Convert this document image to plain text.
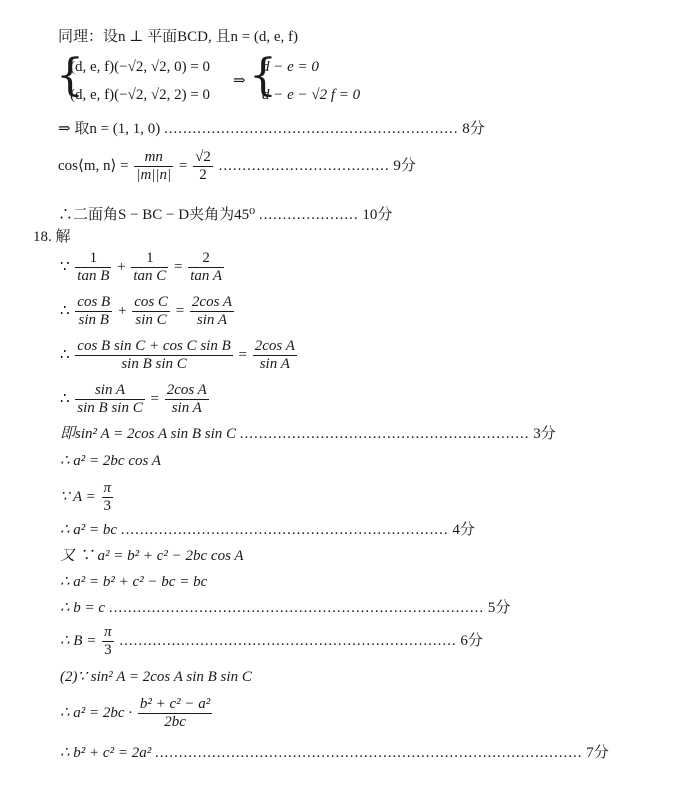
同理：设n ⊥ 平面BCD, 且n = (d, e, f)
{
(d, e, f)(−√2, √2, 0) = 0
(d, e, f)(−√2, √2, 2) = 0
⇒ {
d − e = 0
d − e − √2 f = 0
⇒ 取n = (1, 1, 0) .............................................................. 8分
cos⟨m, n⟩ = $\frac{mn}{|m||n|} = \frac{√2}{2}$ .................................... 9分
∴二面角S − BC − D夹角为45⁰ ..................... 10分
18. 解
∵ $\frac{1}{\text{tan B}} + \frac{1}{\text{tan C}} = \frac{2}{\text{tan A}}$
∴ $\frac{\text{cos B}}{\text{sin B}} + \frac{\text{cos C}}{\text{sin C}} = \frac{\text{2cos A}}{\text{sin A}}$
∴ $\frac{\text{cos B sin C + cos C sin B}}{\text{sin B sin C}} = \frac{\text{2cos A}}{\text{sin A}}$
∴ $\frac{\text{sin A}}{\text{sin B sin C}} = \frac{\text{2cos A}}{\text{sin A}}$
即sin² A = 2cos A sin B sin C ............................................................. 3分
∴ a² = 2bc cos A
∵ $A = \frac{\pi}{3}$
∴ a² = bc ..................................................................... 4分
又 ∵ a² = b² + c² − 2bc cos A
∴ a² = b² + c² − bc = bc
∴ b = c ............................................................................... 5分
∴ $B = \frac{\pi}{3}$ ....................................................................... 6分
(2)∵ sin² A = 2cos A sin B sin C
∴ $a^2 = 2bc \cdot \frac{\text{b² + c² − a²}}{2bc}$
∴ b² + c² = 2a² .......................................................................................... 7分
